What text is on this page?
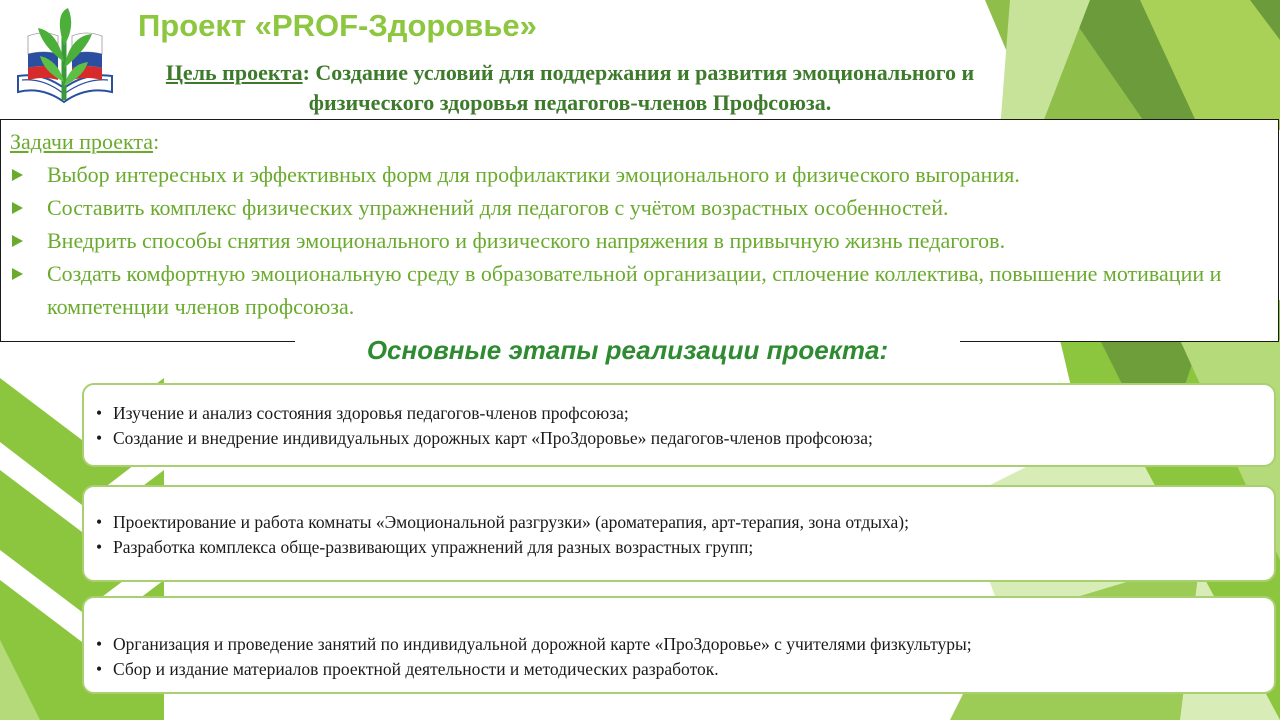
Проект «PROF-Здоровье»
Цель проекта: Создание условий для поддержания и развития эмоционального и физического здоровья педагогов-членов Профсоюза.
Задачи проекта:
Выбор интересных и эффективных форм для профилактики эмоционального и физического выгорания.
Составить комплекс физических упражнений для педагогов с учётом возрастных особенностей.
Внедрить способы снятия эмоционального и физического напряжения в привычную жизнь педагогов.
Создать комфортную эмоциональную среду в образовательной организации, сплочение коллектива, повышение мотивации и компетенции членов профсоюза.
Основные этапы реализации проекта:
• Изучение и анализ состояния здоровья педагогов-членов профсоюза;
• Создание и внедрение индивидуальных дорожных карт «ПроЗдоровье» педагогов-членов профсоюза;
• Проектирование и работа комнаты «Эмоциональной разгрузки» (ароматерапия, арт-терапия, зона отдыха);
• Разработка комплекса обще-развивающих упражнений для разных возрастных групп;
• Организация и проведение занятий по индивидуальной дорожной карте «ПроЗдоровье» с учителями физкультуры;
• Сбор и издание материалов проектной деятельности и методических разработок.
